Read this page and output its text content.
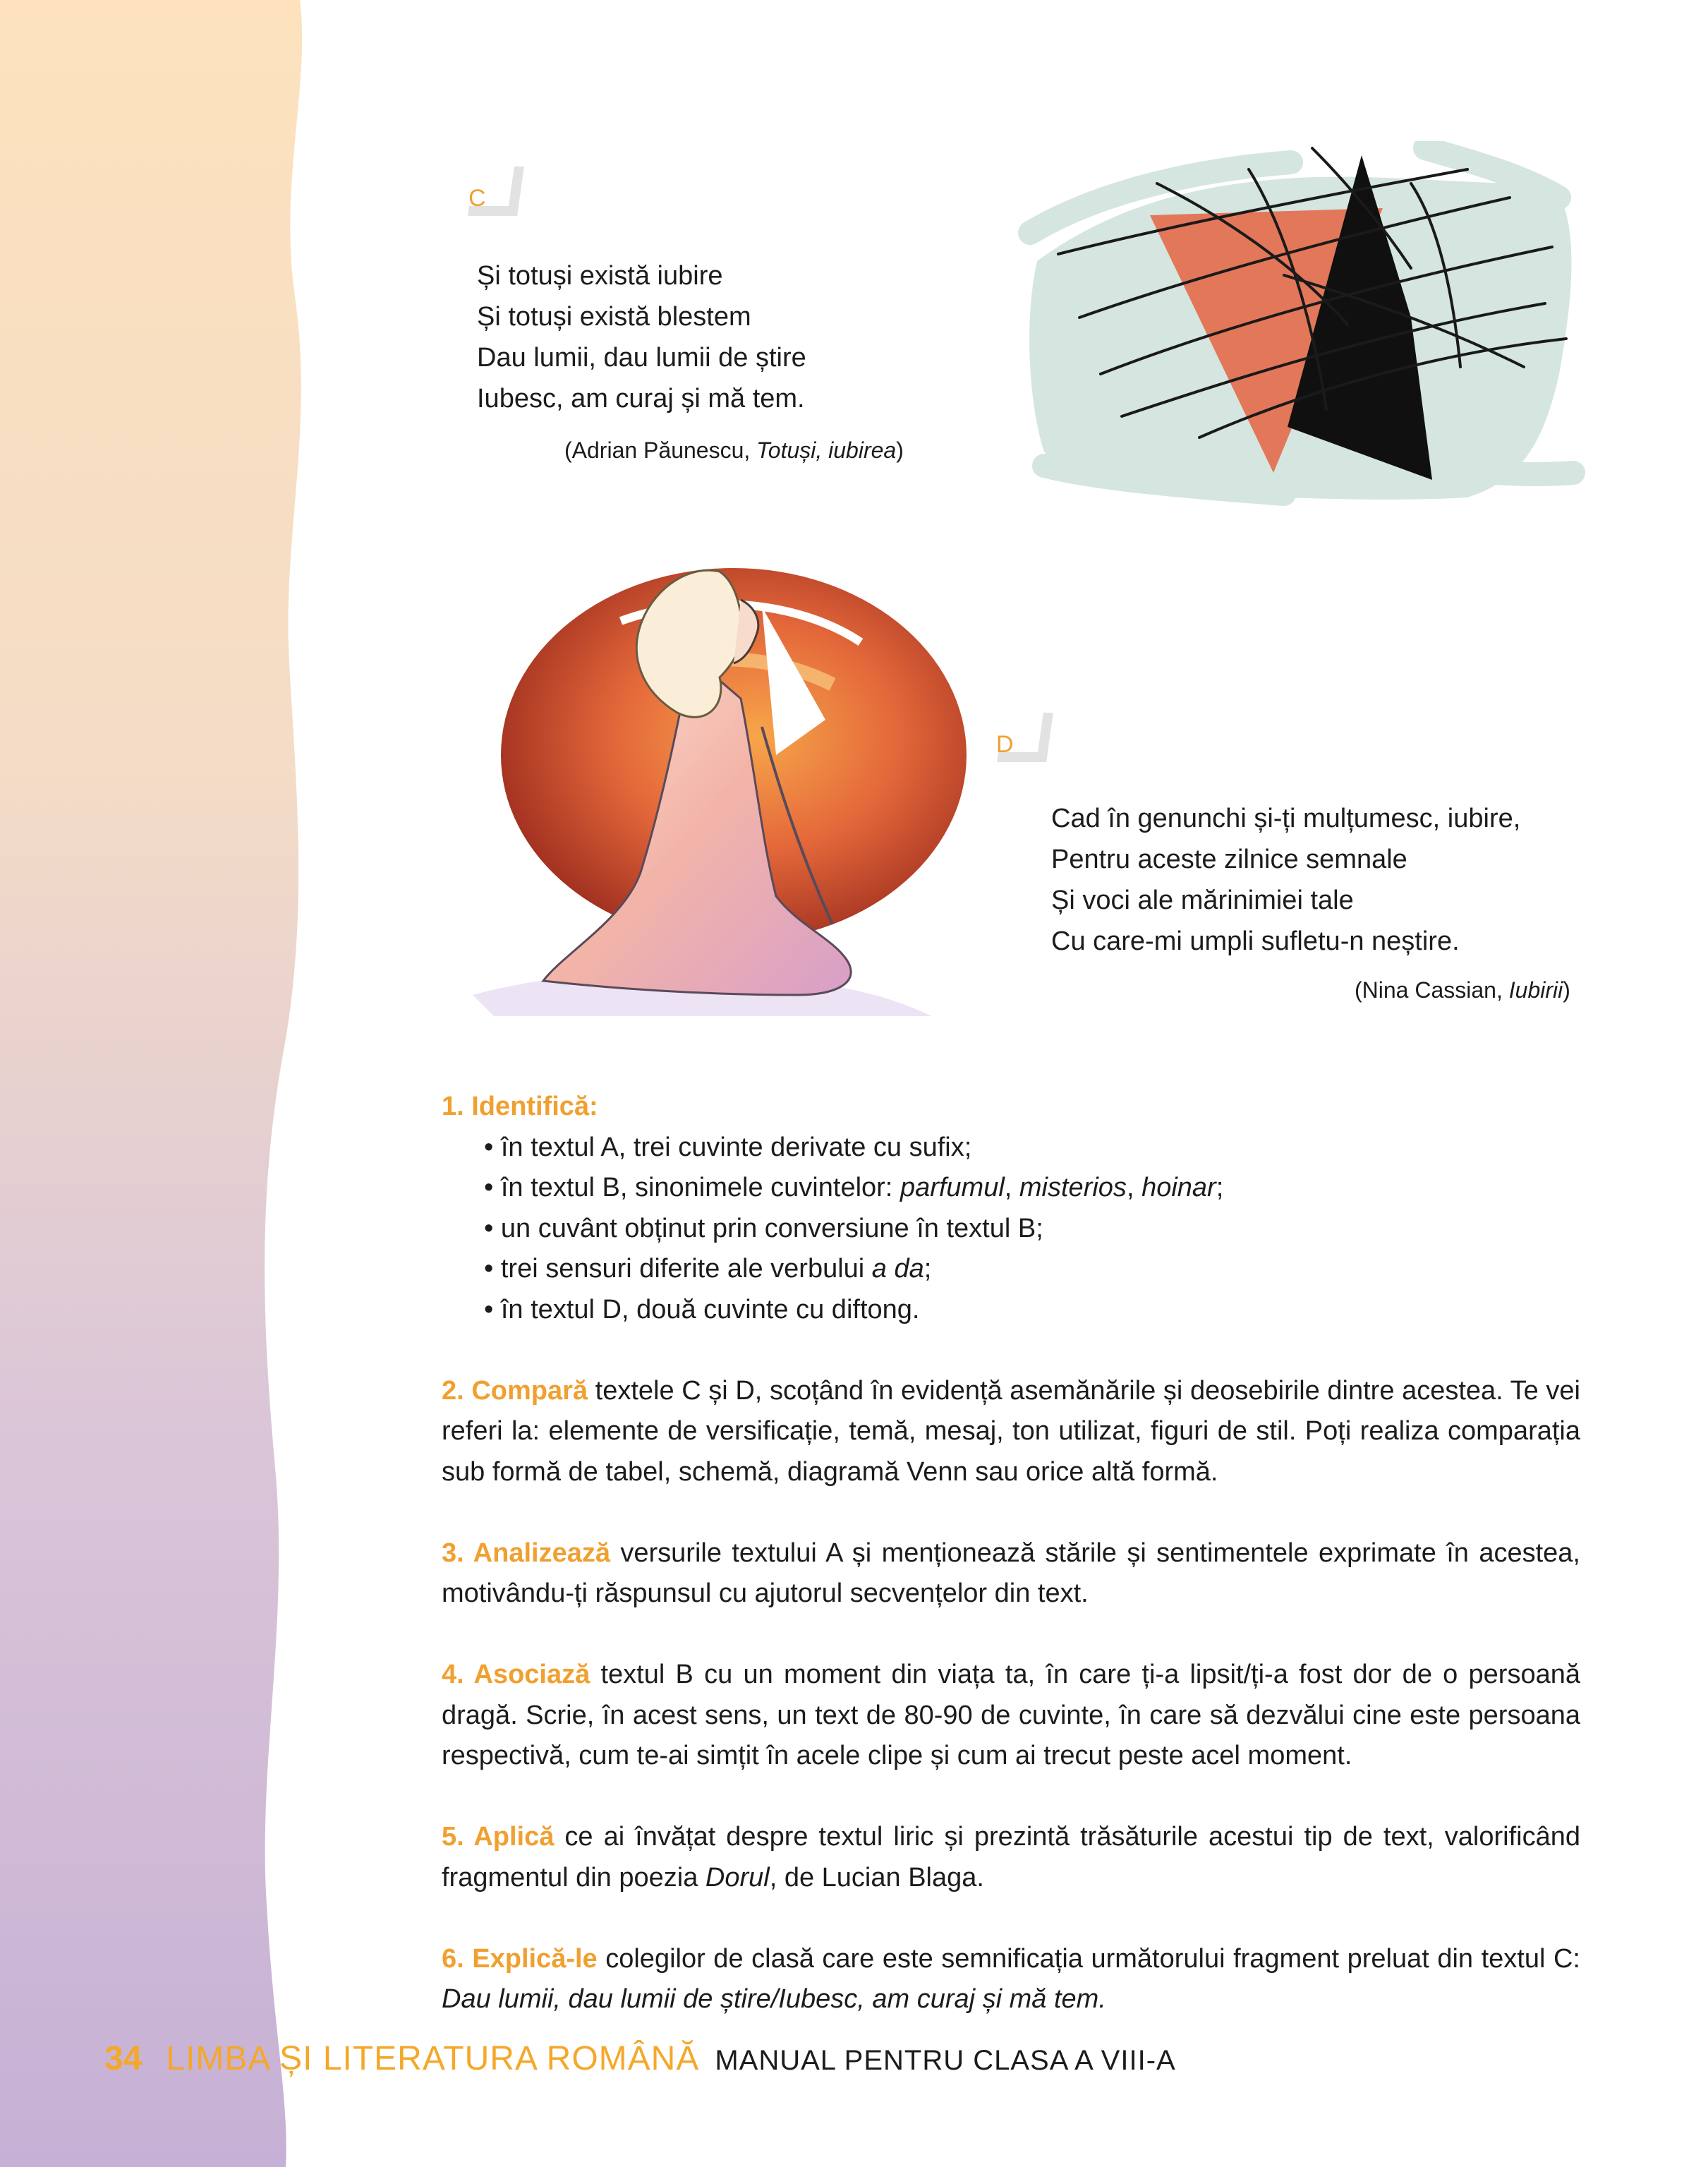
C
Și totuși există iubire
Și totuși există blestem
Dau lumii, dau lumii de știre
Iubesc, am curaj și mă tem.
(Adrian Păunescu, Totuși, iubirea)
D
Cad în genunchi și-ți mulțumesc, iubire,
Pentru aceste zilnice semnale
Și voci ale mărinimiei tale
Cu care-mi umpli sufletu-n neștire.
(Nina Cassian, Iubirii)
1. Identifică:
• în textul A, trei cuvinte derivate cu sufix;
• în textul B, sinonimele cuvintelor: parfumul, misterios, hoinar;
• un cuvânt obținut prin conversiune în textul B;
• trei sensuri diferite ale verbului a da;
• în textul D, două cuvinte cu diftong.
2. Compară textele C și D, scoțând în evidență asemănările și deosebirile dintre acestea. Te vei referi la: elemente de versificație, temă, mesaj, ton utilizat, figuri de stil. Poți realiza comparația sub formă de tabel, schemă, diagramă Venn sau orice altă formă.
3. Analizează versurile textului A și menționează stările și sentimentele exprimate în acestea, motivându-ți răspunsul cu ajutorul secvențelor din text.
4. Asociază textul B cu un moment din viața ta, în care ți-a lipsit/ți-a fost dor de o persoană dragă. Scrie, în acest sens, un text de 80-90 de cuvinte, în care să dezvălui cine este persoana respectivă, cum te-ai simțit în acele clipe și cum ai trecut peste acel moment.
5. Aplică ce ai învățat despre textul liric și prezintă trăsăturile acestui tip de text, valorificând fragmentul din poezia Dorul, de Lucian Blaga.
6. Explică-le colegilor de clasă care este semnificația următorului fragment preluat din textul C: Dau lumii, dau lumii de știre/Iubesc, am curaj și mă tem.
34 LIMBA ȘI LITERATURA ROMÂNĂ MANUAL PENTRU CLASA A VIII-A
